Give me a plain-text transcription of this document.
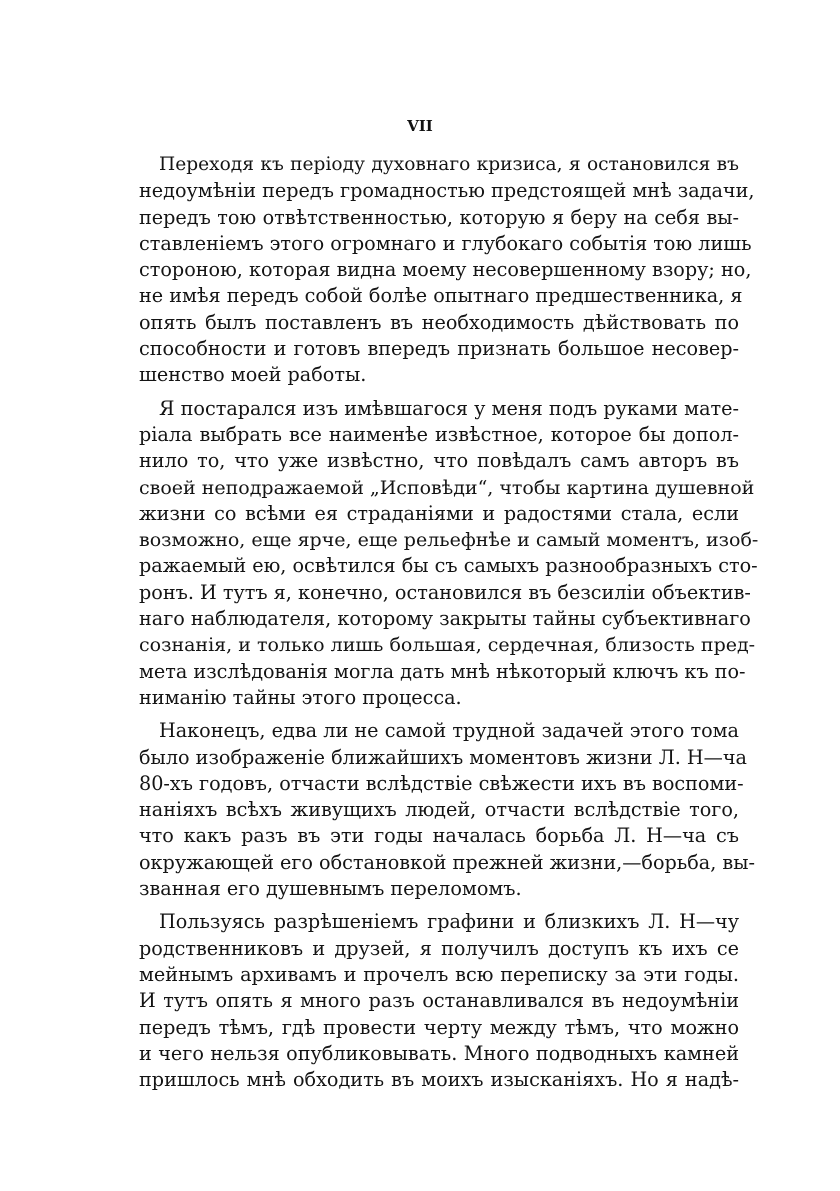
VII
Переходя къ періоду духовнаго кризиса, я остановился въ
недоумѣніи передъ громадностью предстоящей мнѣ задачи,
передъ тою отвѣтственностью, которую я беру на себя вы-
ставленіемъ этого огромнаго и глубокаго событія тою лишь
стороною, которая видна моему несовершенному взору; но,
не имѣя передъ собой болѣе опытнаго предшественника, я
опять былъ поставленъ въ необходимость дѣйствовать по
способности и готовъ впередъ признать большое несовер-
шенство моей работы.
Я постарался изъ имѣвшагося у меня подъ руками мате-
ріала выбрать все наименѣе извѣстное, которое бы допол-
нило то, что уже извѣстно, что повѣдалъ самъ авторъ въ
своей неподражаемой „Исповѣди“, чтобы картина душевной
жизни со всѣми ея страданіями и радостями стала, если
возможно, еще ярче, еще рельефнѣе и самый моментъ, изоб-
ражаемый ею, освѣтился бы съ самыхъ разнообразныхъ сто-
ронъ. И тутъ я, конечно, остановился въ безсиліи объектив-
наго наблюдателя, которому закрыты тайны субъективнаго
сознанія, и только лишь большая, сердечная, близость пред-
мета изслѣдованія могла дать мнѣ нѣкоторый ключъ къ по-
ниманію тайны этого процесса.
Наконецъ, едва ли не самой трудной задачей этого тома
было изображеніе ближайшихъ моментовъ жизни Л. Н—ча
80-хъ годовъ, отчасти вслѣдствіе свѣжести ихъ въ воспоми-
наніяхъ всѣхъ живущихъ людей, отчасти вслѣдствіе того,
что какъ разъ въ эти годы началась борьба Л. Н—ча съ
окружающей его обстановкой прежней жизни,—борьба, вы-
званная его душевнымъ переломомъ.
Пользуясь разрѣшеніемъ графини и близкихъ Л. Н—чу
родственниковъ и друзей, я получилъ доступъ къ ихъ се
мейнымъ архивамъ и прочелъ всю переписку за эти годы.
И тутъ опять я много разъ останавливался въ недоумѣніи
передъ тѣмъ, гдѣ провести черту между тѣмъ, что можно
и чего нельзя опубликовывать. Много подводныхъ камней
пришлось мнѣ обходить въ моихъ изысканіяхъ. Но я надѣ-
